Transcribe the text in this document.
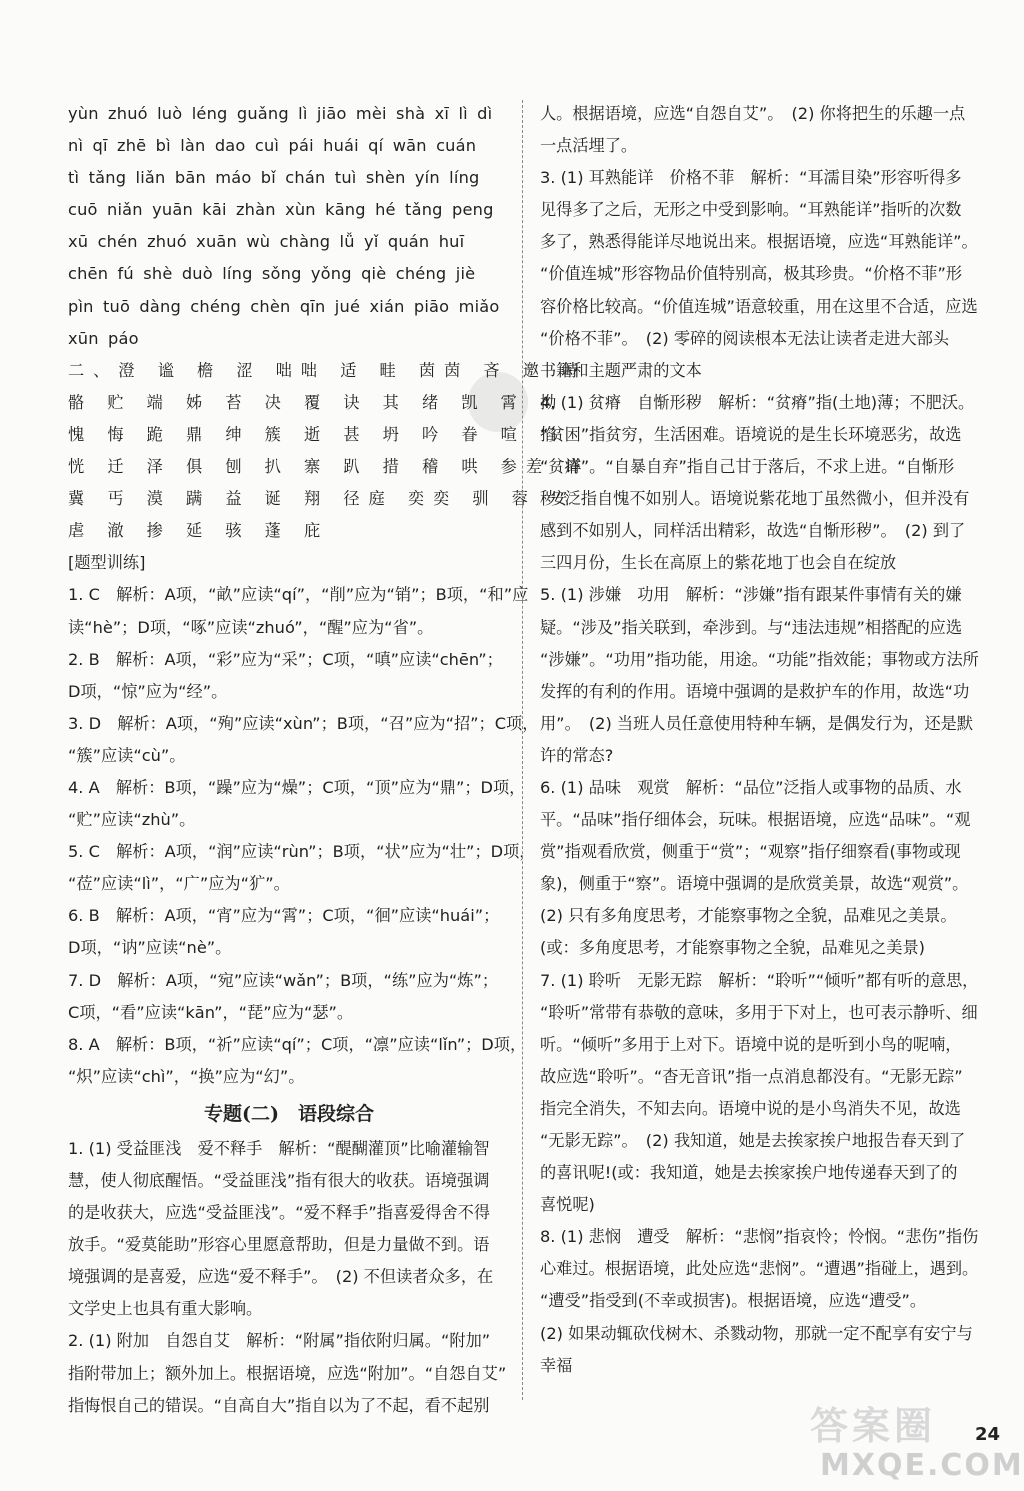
yùn zhuó luò léng guǎng lì jiāo mèi shà xī lì dì
nì qī zhē bì làn dao cuì pái huái qí wān cuán
tì tǎng liǎn bān máo bǐ chán tuì shèn yín líng
cuō niǎn yuān kāi zhàn xùn kāng hé tǎng peng
xū chén zhuó xuān wù chàng lǚ yǐ quán huī
chēn fú shè duò líng sǒng yǒng qiè chéng jiè
pìn tuō dàng chéng chèn qīn jué xián piāo miǎo
xūn páo
二、澄 谧 檐 涩 咄咄 适 畦 茵茵 吝 邀 峙
骼 贮 端 姊 苔 决 覆 诀 其 绪 凯 霄 拗
愧 悔 跪 鼎 绅 簇 逝 甚 坍 吟 眷 喧 掐
恍 迁 泽 俱 刨 扒 寨 趴 措 稽 哄 参差 详
冀 丐 漠 蹒 益 诞 翔 径庭 奕奕 驯 蓉 安
虐 澈 掺 延 骇 蓬 庇
[题型训练]
1. C　解析：A项，“畝”应读“qí”，“削”应为“销”；B项，“和”应
读“hè”；D项，“啄”应读“zhuó”，“醒”应为“省”。
2. B　解析：A项，“彩”应为“采”；C项，“嗔”应读“chēn”；
D项，“惊”应为“经”。
3. D　解析：A项，“殉”应读“xùn”；B项，“召”应为“招”；C项，
“簇”应读“cù”。
4. A　解析：B项，“躁”应为“燥”；C项，“顶”应为“鼎”；D项，
“贮”应读“zhù”。
5. C　解析：A项，“润”应读“rùn”；B项，“状”应为“壮”；D项，
“莅”应读“lì”，“广”应为“犷”。
6. B　解析：A项，“宵”应为“霄”；C项，“徊”应读“huái”；
D项，“讷”应读“nè”。
7. D　解析：A项，“宛”应读“wǎn”；B项，“练”应为“炼”；
C项，“看”应读“kān”，“琵”应为“瑟”。
8. A　解析：B项，“祈”应读“qí”；C项，“凛”应读“lǐn”；D项，
“炽”应读“chì”，“换”应为“幻”。
专题(二)　语段综合
1. (1) 受益匪浅　爱不释手　解析：“醍醐灌顶”比喻灌输智
慧，使人彻底醒悟。“受益匪浅”指有很大的收获。语境强调
的是收获大，应选“受益匪浅”。“爱不释手”指喜爱得舍不得
放手。“爱莫能助”形容心里愿意帮助，但是力量做不到。语
境强调的是喜爱，应选“爱不释手”。　(2) 不但读者众多，在
文学史上也具有重大影响。
2. (1) 附加　自怨自艾　解析：“附属”指依附归属。“附加”
指附带加上；额外加上。根据语境，应选“附加”。“自怨自艾”
指悔恨自己的错误。“自高自大”指自以为了不起，看不起别
人。根据语境，应选“自怨自艾”。　(2) 你将把生的乐趣一点
一点活埋了。
3. (1) 耳熟能详　价格不菲　解析：“耳濡目染”形容听得多
见得多了之后，无形之中受到影响。“耳熟能详”指听的次数
多了，熟悉得能详尽地说出来。根据语境，应选“耳熟能详”。
“价值连城”形容物品价值特别高，极其珍贵。“价格不菲”形
容价格比较高。“价值连城”语意较重，用在这里不合适，应选
“价格不菲”。　(2) 零碎的阅读根本无法让读者走进大部头
书籍和主题严肃的文本
4. (1) 贫瘠　自惭形秽　解析：“贫瘠”指(土地)薄；不肥沃。
“贫困”指贫穷，生活困难。语境说的是生长环境恶劣，故选
“贫瘠”。“自暴自弃”指自己甘于落后，不求上进。“自惭形
秽”泛指自愧不如别人。语境说紫花地丁虽然微小，但并没有
感到不如别人，同样活出精彩，故选“自惭形秽”。　(2) 到了
三四月份，生长在高原上的紫花地丁也会自在绽放
5. (1) 涉嫌　功用　解析：“涉嫌”指有跟某件事情有关的嫌
疑。“涉及”指关联到，牵涉到。与“违法违规”相搭配的应选
“涉嫌”。“功用”指功能，用途。“功能”指效能；事物或方法所
发挥的有利的作用。语境中强调的是救护车的作用，故选“功
用”。　(2) 当班人员任意使用特种车辆，是偶发行为，还是默
许的常态?
6. (1) 品味　观赏　解析：“品位”泛指人或事物的品质、水
平。“品味”指仔细体会，玩味。根据语境，应选“品味”。“观
赏”指观看欣赏，侧重于“赏”；“观察”指仔细察看(事物或现
象)，侧重于“察”。语境中强调的是欣赏美景，故选“观赏”。
(2) 只有多角度思考，才能察事物之全貌，品难见之美景。
(或：多角度思考，才能察事物之全貌，品难见之美景)
7. (1) 聆听　无影无踪　解析：“聆听”“倾听”都有听的意思，
“聆听”常带有恭敬的意味，多用于下对上，也可表示静听、细
听。“倾听”多用于上对下。语境中说的是听到小鸟的呢喃，
故应选“聆听”。“杳无音讯”指一点消息都没有。“无影无踪”
指完全消失，不知去向。语境中说的是小鸟消失不见，故选
“无影无踪”。　(2) 我知道，她是去挨家挨户地报告春天到了
的喜讯呢!(或：我知道，她是去挨家挨户地传递春天到了的
喜悦呢)
8. (1) 悲悯　遭受　解析：“悲悯”指哀怜；怜悯。“悲伤”指伤
心难过。根据语境，此处应选“悲悯”。“遭遇”指碰上，遇到。
“遭受”指受到(不幸或损害)。根据语境，应选“遭受”。
(2) 如果动辄砍伐树木、杀戮动物，那就一定不配享有安宁与
幸福
答案圈
MXQE.COM
24
